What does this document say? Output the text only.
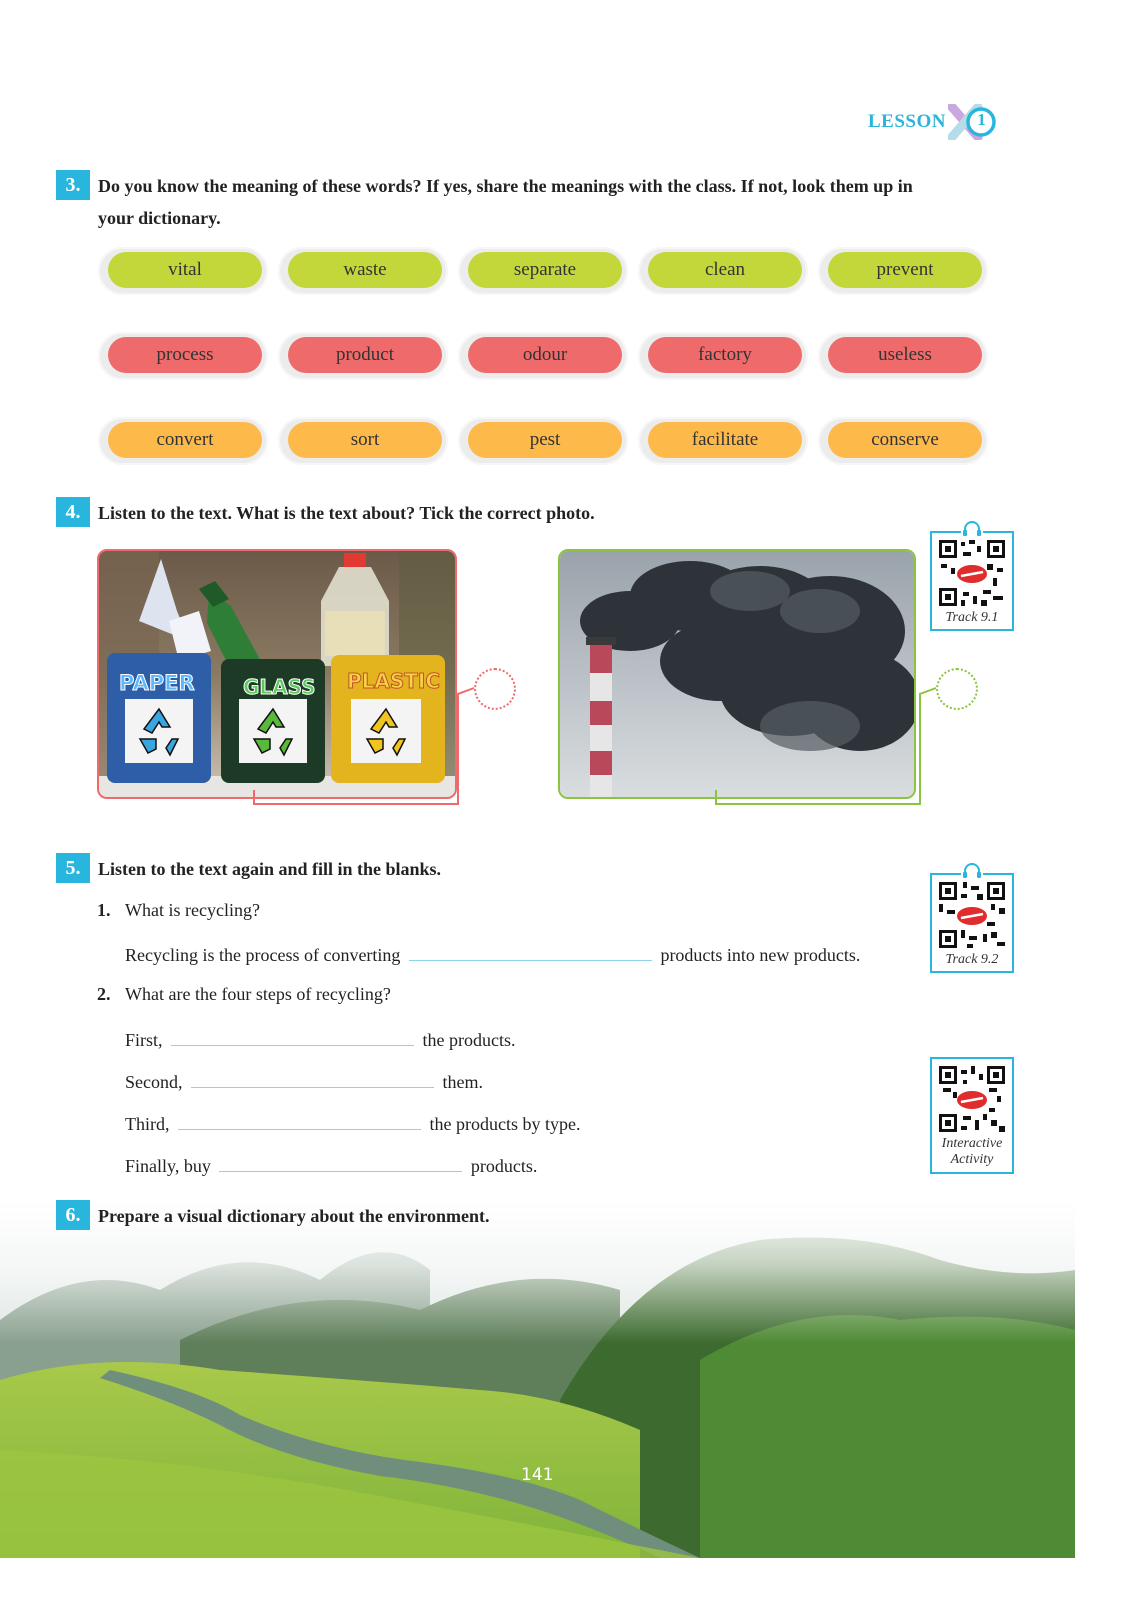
LESSON 1
3. Do you know the meaning of these words? If yes, share the meanings with the class. If not, look them up in
your dictionary.
vital	waste	separate	clean	prevent
process	product	odour	factory	useless
convert	sort	pest	facilitate	conserve
4. Listen to the text. What is the text about? Tick the correct photo.
PAPER GLASS PLASTIC
Track 9.1
5. Listen to the text again and fill in the blanks.
1. What is recycling?
Recycling is the process of converting	products into new products.
2. What are the four steps of recycling?
First,	the products.
Second,	them.
Third,	the products by type.
Finally, buy	products.
Track 9.2
Interactive Activity
6. Prepare a visual dictionary about the environment.
141
